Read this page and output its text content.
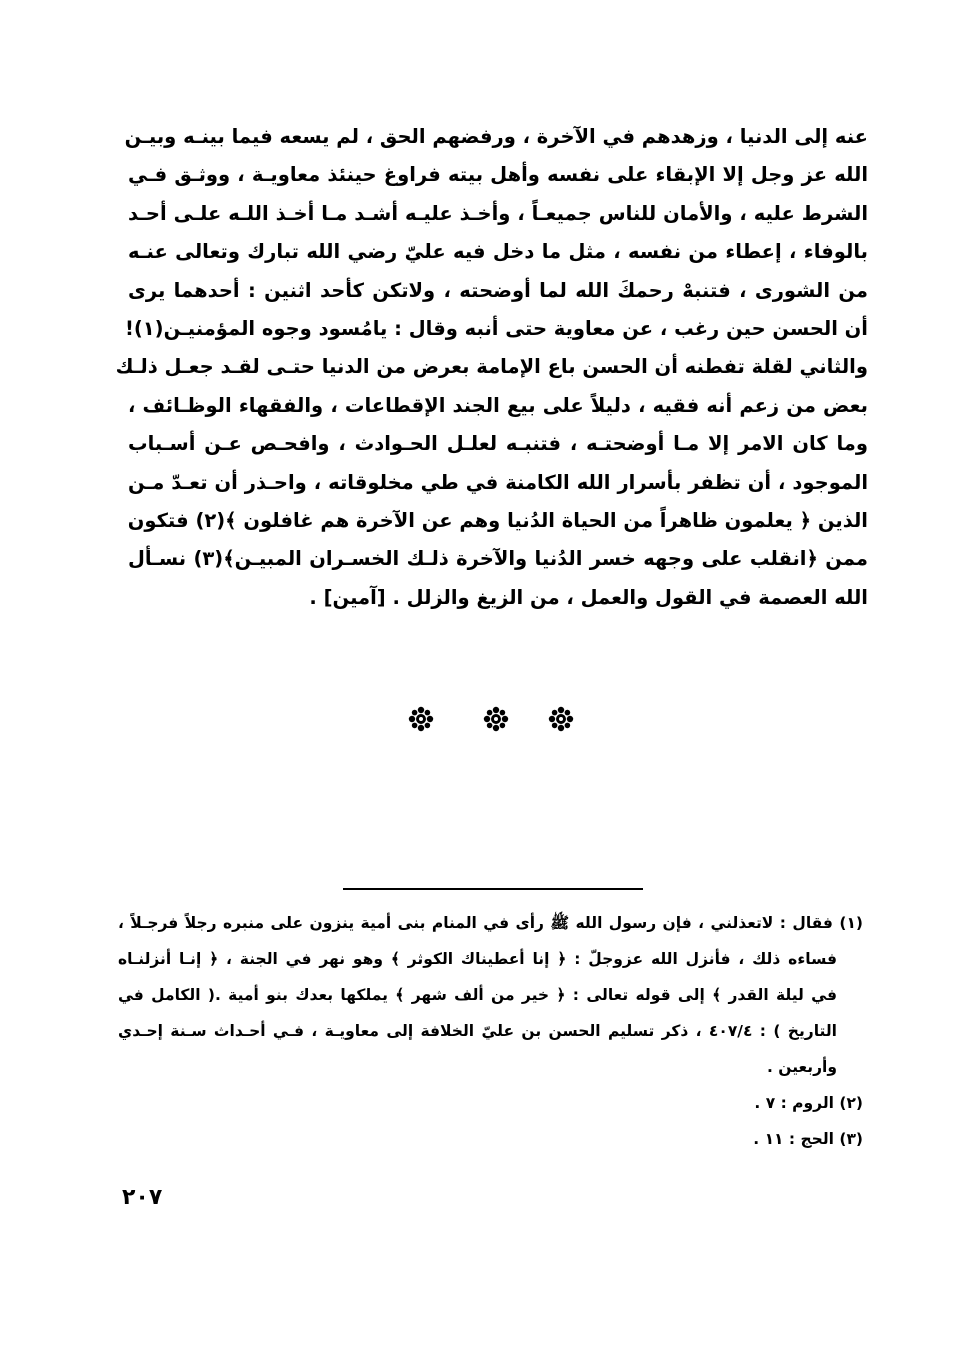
عنه إلى الدنيا ، وزهدهم في الآخرة ، ورفضهم الحق ، لم يسعه فيما بينـه وبيـن
الله عز وجل إلا الإبقاء على نفسه وأهل بيته فراوغ حينئذ معاويـة ، ووثـق فـي
الشرط عليه ، والأمان للناس جميعـاً ، وأخـذ عليـه أشـد مـا أخـذ اللـه علـى أحـد
بالوفاء ، إعطاء من نفسه ، مثل ما دخل فيه عليّ رضي الله تبارك وتعالى عنـه
من الشورى ، فتنبهْ رحمكَ الله لما أوضحته ، ولاتكن كأحد اثنين : أحدهما يرى
أن الحسن حين رغب ، عن معاوية حتى أنبه وقال : يامُسود وجوه المؤمنيـن(١)!
والثاني لقلة تفطنه أن الحسن باع الإمامة بعرض من الدنيا حتـى لقـد جعـل ذلـك
بعض من زعم أنه فقيه ، دليلاً على بيع الجند الإقطاعات ، والفقهاء الوظـائف ،
وما كان الامر إلا مـا أوضحتـه ، فتنبـه لعلـل الحـوادث ، وافحـص عـن أسـباب
الموجود ، أن تظفر بأسرار الله الكامنة في طي مخلوقاته ، واحـذر أن تعـدّ مـن
الذين ﴿ يعلمون ظاهراً من الحياة الدُنيا وهم عن الآخرة هم غافلون ﴾(٢) فتكون
ممن ﴿انقلب على وجهه خسر الدُنيا والآخرة ذلـك الخسـران المبيـن﴾(٣) نسـأل
الله العصمة في القول والعمل ، من الزيغ والزلل . [آمين] .
(١) فقال : لاتعذلني ، فإن رسول الله ﷺ رأى في المنام بنى أمية ينزون على منبره رجلاً فرجـلاً ،
فساءه ذلك ، فأنزل الله عزوجلّ : ﴿ إنا أعطيناك الكوثر ﴾ وهو نهر في الجنة ، ﴿ إنـا أنزلنـاه
في ليلة القدر ﴾ إلى قوله تعالى : ﴿ خير من ألف شهر ﴾ يملكها بعدك بنو أمية .( الكامل في
التاريخ ) : ٤٠٧/٤ ، ذكر تسليم الحسن بن عليّ الخلافة إلى معاويـة ، فـي أحـداث سـنة إحـدي
وأربعين .
(٢) الروم : ٧ .
(٣) الحج : ١١ .
٢٠٧
